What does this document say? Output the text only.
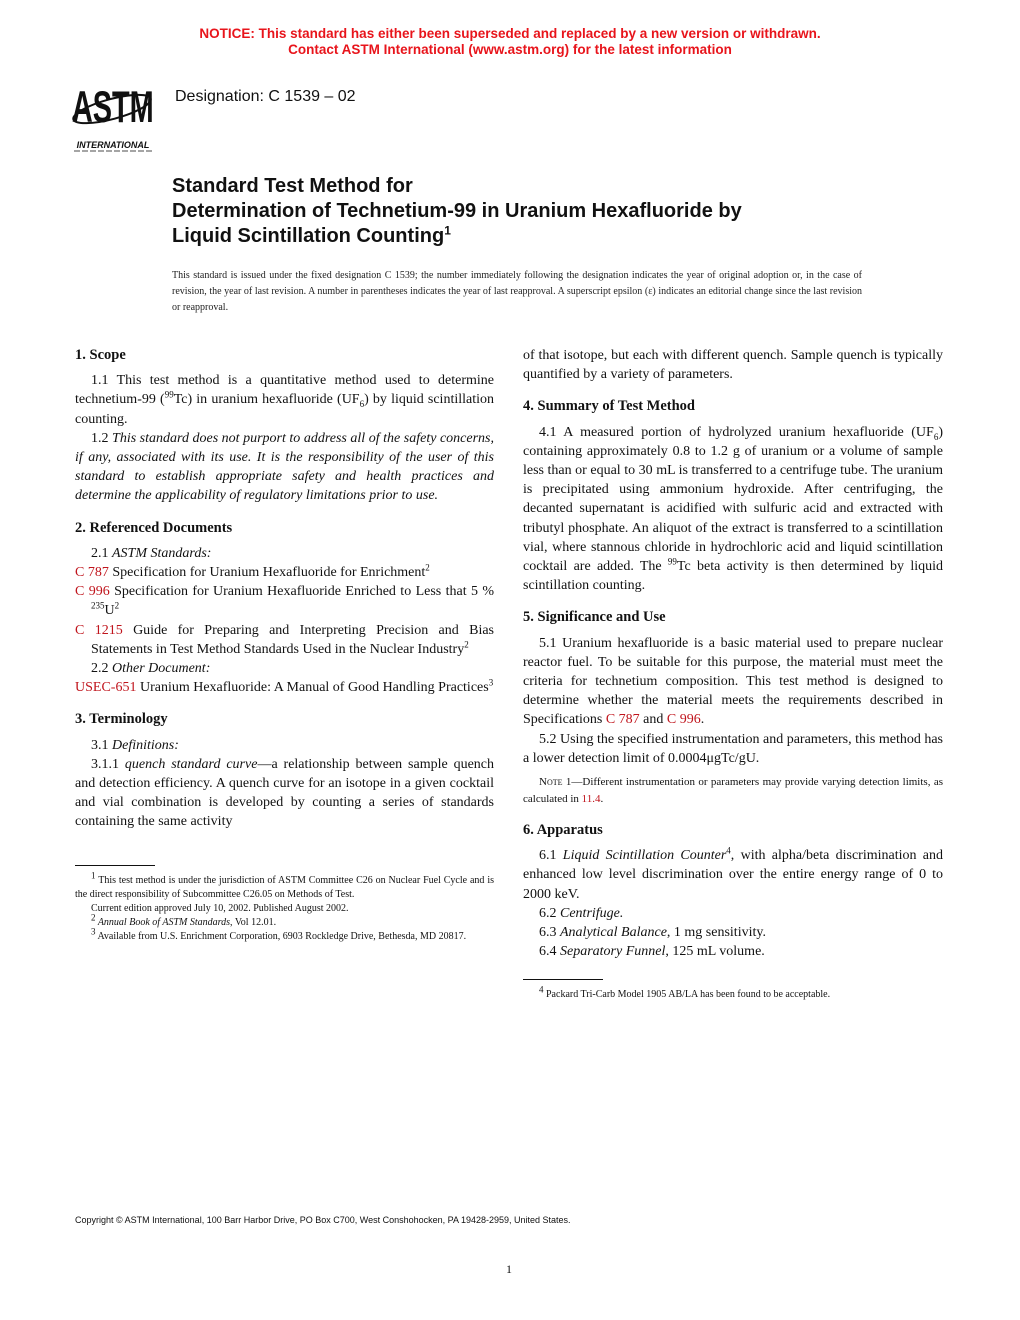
NOTICE: This standard has either been superseded and replaced by a new version or withdrawn.
Contact ASTM International (www.astm.org) for the latest information
ASTM
INTERNATIONAL
Designation: C 1539 – 02
Standard Test Method for
Determination of Technetium-99 in Uranium Hexafluoride by
Liquid Scintillation Counting$^1$
This standard is issued under the fixed designation C 1539; the number immediately following the designation indicates the year of original adoption or, in the case of revision, the year of last revision. A number in parentheses indicates the year of last reapproval. A superscript epsilon (ε) indicates an editorial change since the last revision or reapproval.
1. Scope

1.1 This test method is a quantitative method used to determine technetium-99 ($^{99}$Tc) in uranium hexafluoride $(UF_6)$ by liquid scintillation counting.

1.2 This standard does not purport to address all of the safety concerns, if any, associated with its use. It is the responsibility of the user of this standard to establish appropriate safety and health practices and determine the applicability of regulatory limitations prior to use.

2. Referenced Documents

2.1 ASTM Standards:

C 787 Specification for Uranium Hexafluoride for Enrichment$^2$

C 996 Specification for Uranium Hexafluoride Enriched to Less that 5 % $^{235}U^2$

C 1215 Guide for Preparing and Interpreting Precision and Bias Statements in Test Method Standards Used in the Nuclear Industry$^2$

2.2 Other Document:

USEC-651 Uranium Hexafluoride: A Manual of Good Handling Practices$^3$

3. Terminology

3.1 Definitions:

3.1.1 quench standard curve—a relationship between sample quench and detection efficiency. A quench curve for an isotope in a given cocktail and vial combination is developed by counting a series of standards containing the same activity

$^1$ This test method is under the jurisdiction of ASTM Committee C26 on Nuclear Fuel Cycle and is the direct responsibility of Subcommittee C26.05 on Methods of Test.

Current edition approved July 10, 2002. Published August 2002.

$^2$ Annual Book of ASTM Standards, Vol 12.01.

$^3$ Available from U.S. Enrichment Corporation, 6903 Rockledge Drive, Bethesda, MD 20817.

of that isotope, but each with different quench. Sample quench is typically quantified by a variety of parameters.

4. Summary of Test Method

4.1 A measured portion of hydrolyzed uranium hexafluoride $(UF_6)$ containing approximately 0.8 to 1.2 g of uranium or a volume of sample less than or equal to 30 mL is transferred to a centrifuge tube. The uranium is precipitated using ammonium hydroxide. After centrifuging, the decanted supernatant is acidified with sulfuric acid and extracted with tributyl phosphate. An aliquot of the extract is transferred to a scintillation vial, where stannous chloride in hydrochloric acid and liquid scintillation cocktail are added. The $^{99}$Tc beta activity is then determined by liquid scintillation counting.

5. Significance and Use

5.1 Uranium hexafluoride is a basic material used to prepare nuclear reactor fuel. To be suitable for this purpose, the material must meet the criteria for technetium composition. This test method is designed to determine whether the material meets the requirements described in Specifications C 787 and C 996.

5.2 Using the specified instrumentation and parameters, this method has a lower detection limit of 0.0004μgTc/gU.

Note 1—Different instrumentation or parameters may provide varying detection limits, as calculated in 11.4.

6. Apparatus

6.1 Liquid Scintillation Counter$^4$, with alpha/beta discrimination and enhanced low level discrimination over the entire energy range of 0 to 2000 keV.

6.2 Centrifuge.

6.3 Analytical Balance, 1 mg sensitivity.

6.4 Separatory Funnel, 125 mL volume.

$^4$ Packard Tri-Carb Model 1905 AB/LA has been found to be acceptable.

Copyright © ASTM International, 100 Barr Harbor Drive, PO Box C700, West Conshohocken, PA 19428-2959, United States.
1
